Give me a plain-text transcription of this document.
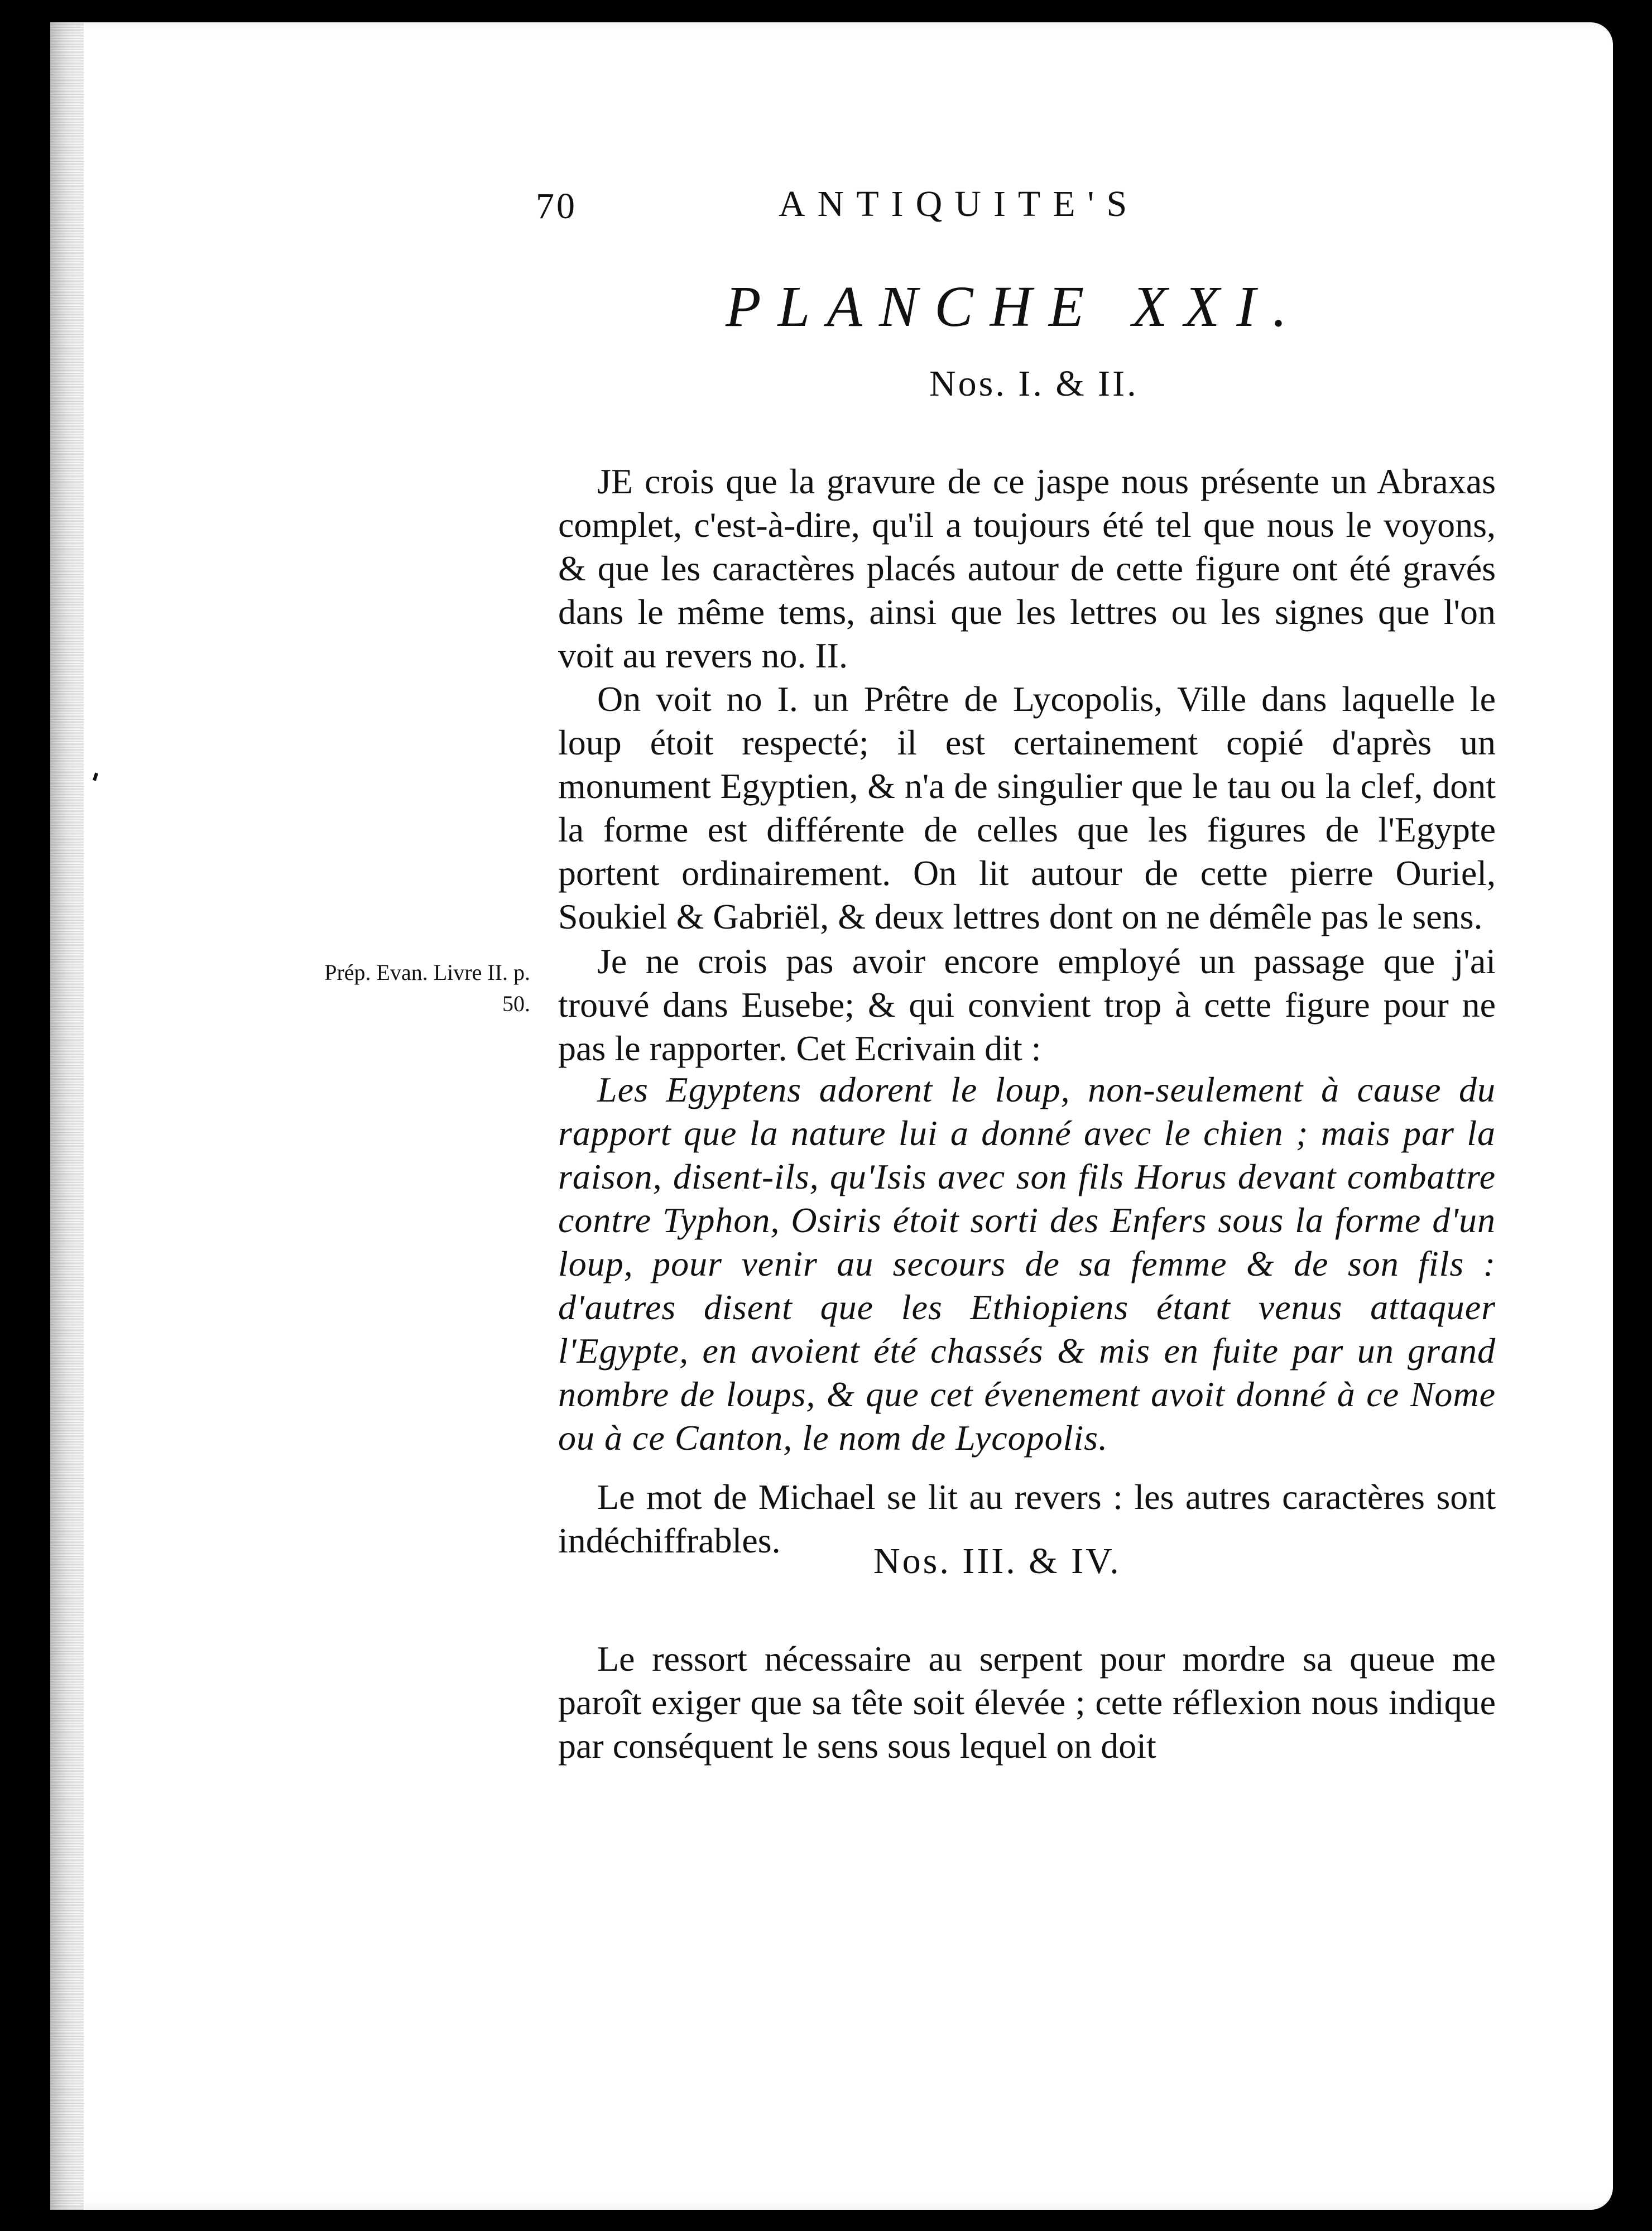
70	ANTIQUITE'S
PLANCHE XXI.
Nos. I. & II.

JE crois que la gravure de ce jaspe nous présente un Abraxas complet, c'est-à-dire, qu'il a toujours été tel que nous le voyons, & que les caractères placés autour de cette figure ont été gravés dans le même tems, ainsi que les lettres ou les signes que l'on voit au revers no. II.

On voit no I. un Prêtre de Lycopolis, Ville dans laquelle le loup étoit respecté; il est certainement copié d'après un monument Egyptien, & n'a de singulier que le tau ou la clef, dont la forme est différente de celles que les figures de l'Egypte portent ordinairement. On lit autour de cette pierre Ouriel, Soukiel & Gabriël, & deux lettres dont on ne démêle pas le sens.

Je ne crois pas avoir encore employé un passage que j'ai trouvé dans Eusebe; & qui convient trop à cette figure pour ne pas le rapporter. Cet Ecrivain dit :

Les Egyptens adorent le loup, non-seulement à cause du rapport que la nature lui a donné avec le chien ; mais par la raison, disent-ils, qu'Isis avec son fils Horus devant combattre contre Typhon, Osiris étoit sorti des Enfers sous la forme d'un loup, pour venir au secours de sa femme & de son fils : d'autres disent que les Ethiopiens étant venus attaquer l'Egypte, en avoient été chassés & mis en fuite par un grand nombre de loups, & que cet évenement avoit donné à ce Nome ou à ce Canton, le nom de Lycopolis.

Le mot de Michael se lit au revers : les autres caractères sont indéchiffrables.

Prép. Evan. Livre II. p. 50.
Nos. III. & IV.

Le ressort nécessaire au serpent pour mordre sa queue me paroît exiger que sa tête soit élevée ; cette réflexion nous indique par conséquent le sens sous lequel on doit
